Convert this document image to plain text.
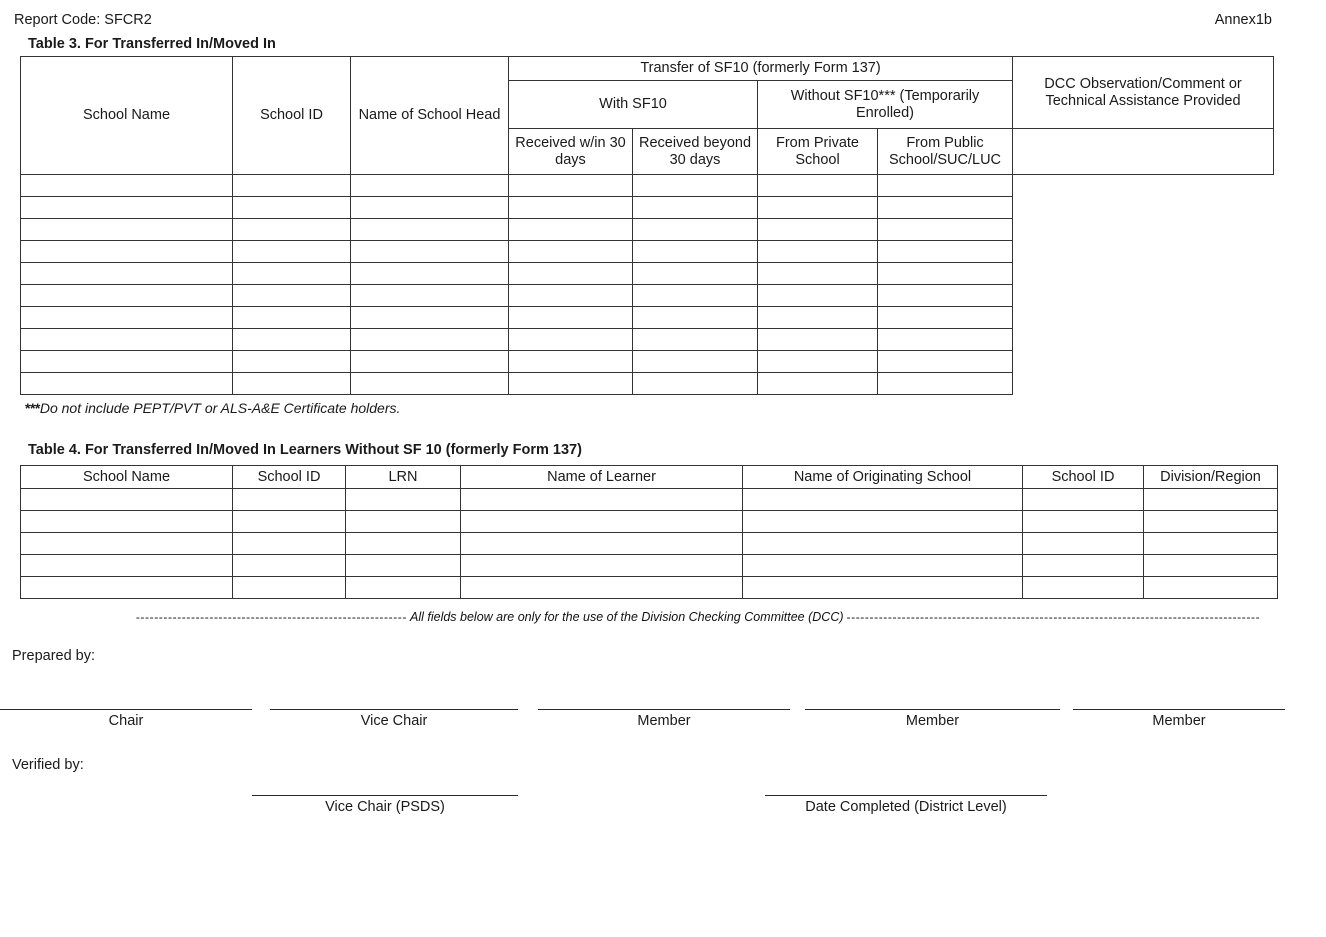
Report Code: SFCR2	Annex1b
Table 3. For Transferred In/Moved In
School Name	School ID	Name of School Head	Transfer of SF10 (formerly Form 137)				DCC Observation/Comment or Technical Assistance Provided
			With SF10		Without SF10*** (Temporarily Enrolled)		
			Received w/in 30 days	Received beyond 30 days	From Private School	From Public School/SUC/LUC	

***Do not include PEPT/PVT or ALS-A&E Certificate holders.
Table 4. For Transferred In/Moved In Learners Without SF 10 (formerly Form 137)
School Name	School ID	LRN	Name of Learner	Name of Originating School	School ID	Division/Region

----------------------------------------------------------- All fields below are only for the use of the Division Checking Committee (DCC) ------------------------------------------------------------------------------------------
Prepared by:
Verified by:
Chair	Vice Chair	Member	Member	Member
Vice Chair (PSDS)	Date Completed (District Level)
